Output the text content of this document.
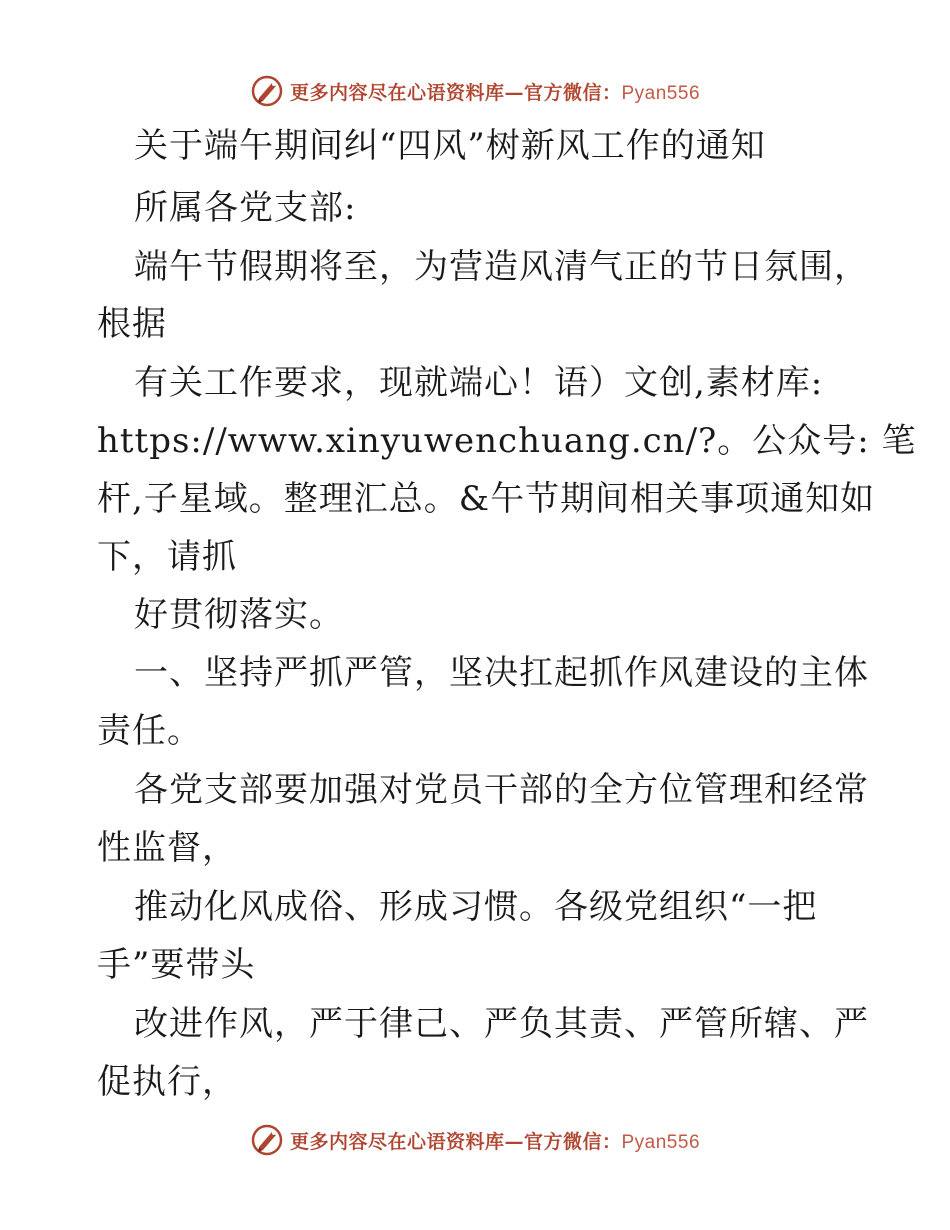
更多内容尽在心语资料库—官方微信：Pyan556
关于端午期间纠“四风”树新风工作的通知
所属各党支部:
端午节假期将至，为营造风清气正的节日氛围，
根据
有关工作要求，现就端心！语）文创,素材库:
https://www.xinyuwenchuang.cn/?。公众号: 笔
杆,子星域。整理汇总。&午节期间相关事项通知如
下，请抓
好贯彻落实。
一、坚持严抓严管，坚决扛起抓作风建设的主体
责任。
各党支部要加强对党员干部的全方位管理和经常
性监督，
推动化风成俗、形成习惯。各级党组织“一把
手”要带头
改进作风，严于律己、严负其责、严管所辖、严
促执行，
更多内容尽在心语资料库—官方微信：Pyan556
